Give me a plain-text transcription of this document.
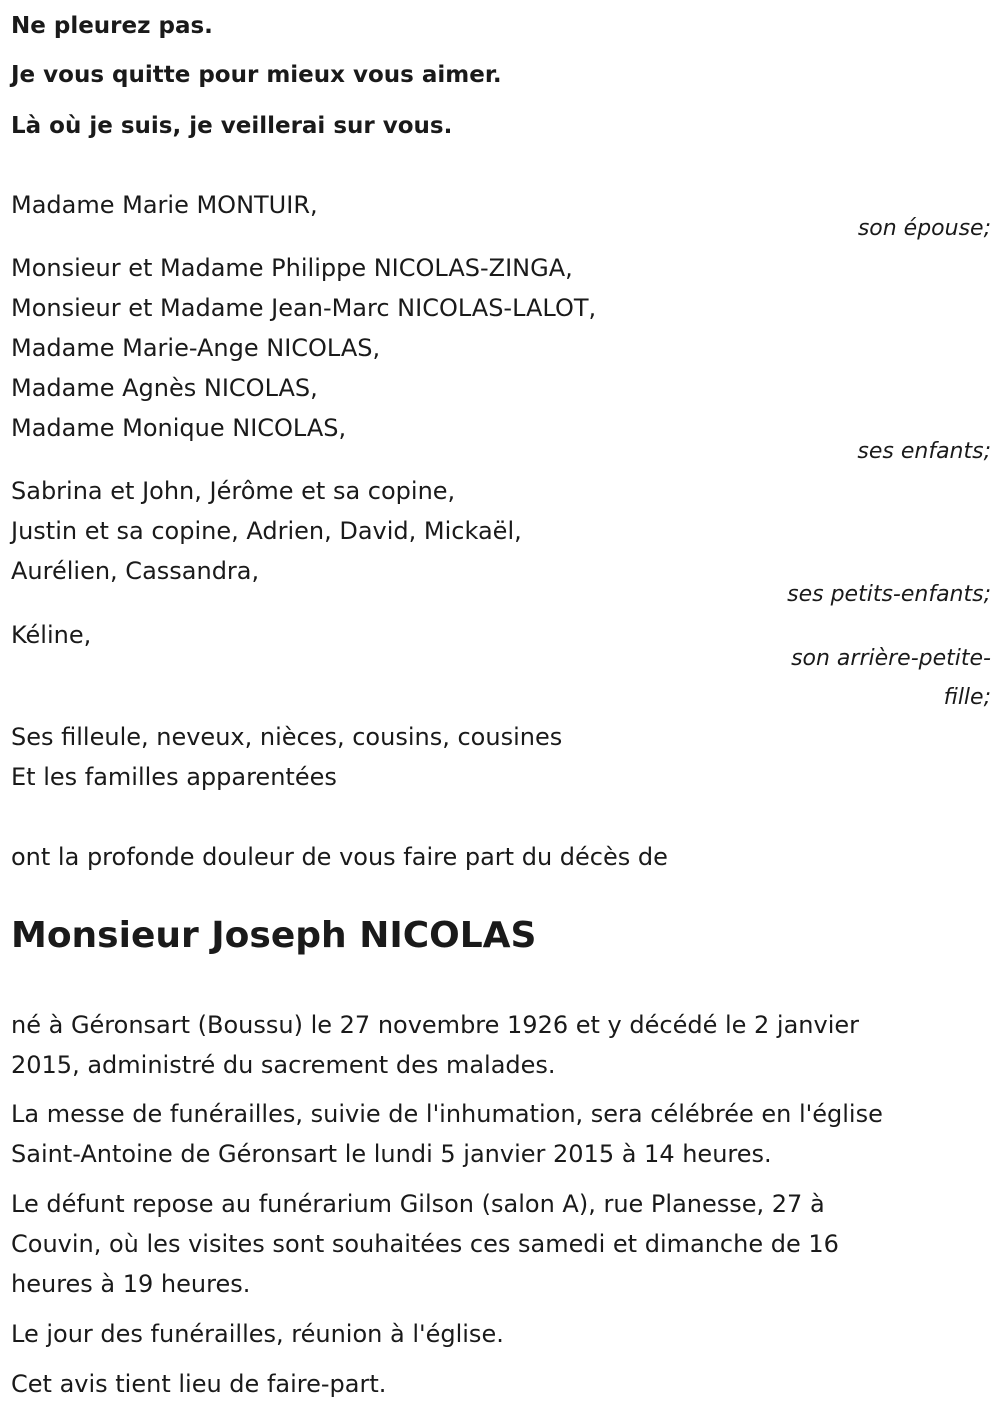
Ne pleurez pas.
Je vous quitte pour mieux vous aimer.
Là où je suis, je veillerai sur vous.
Madame Marie MONTUIR,
son épouse;
Monsieur et Madame Philippe NICOLAS-ZINGA,
Monsieur et Madame Jean-Marc NICOLAS-LALOT,
Madame Marie-Ange NICOLAS,
Madame Agnès NICOLAS,
Madame Monique NICOLAS,
ses enfants;
Sabrina et John, Jérôme et sa copine,
Justin et sa copine, Adrien, David, Mickaël,
Aurélien, Cassandra,
ses petits-enfants;
Kéline,
son arrière-petite-
fille;
Ses filleule, neveux, nièces, cousins, cousines
Et les familles apparentées
ont la profonde douleur de vous faire part du décès de
Monsieur Joseph NICOLAS
né à Géronsart (Boussu) le 27 novembre 1926 et y décédé le 2 janvier
2015, administré du sacrement des malades.
La messe de funérailles, suivie de l'inhumation, sera célébrée en l'église
Saint-Antoine de Géronsart le lundi 5 janvier 2015 à 14 heures.
Le défunt repose au funérarium Gilson (salon A), rue Planesse, 27 à
Couvin, où les visites sont souhaitées ces samedi et dimanche de 16
heures à 19 heures.
Le jour des funérailles, réunion à l'église.
Cet avis tient lieu de faire-part.
